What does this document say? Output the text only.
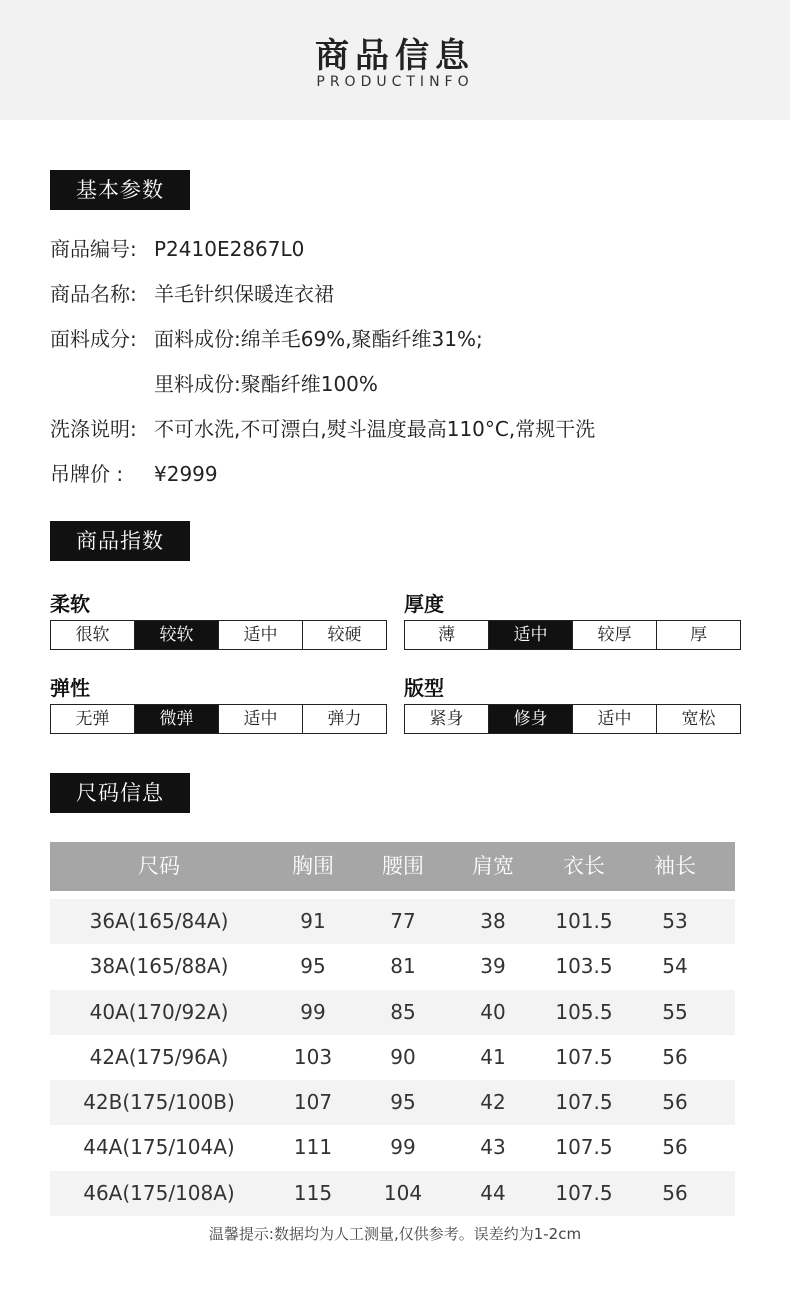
商品信息
PRODUCTINFO
基本参数
商品编号: P2410E2867L0
商品名称: 羊毛针织保暖连衣裙
面料成分: 面料成份:绵羊毛69%,聚酯纤维31%;
里料成份:聚酯纤维100%
洗涤说明: 不可水洗,不可漂白,熨斗温度最高110°C,常规干洗
吊牌价 : ¥2999
商品指数
柔软
很软	较软	适中	较硬
厚度
薄	适中	较厚	厚
弹性
无弹	微弹	适中	弹力
版型
紧身	修身	适中	宽松
尺码信息
尺码	胸围	腰围	肩宽	衣长	袖长
36A(165/84A)	91	77	38	101.5	53
38A(165/88A)	95	81	39	103.5	54
40A(170/92A)	99	85	40	105.5	55
42A(175/96A)	103	90	41	107.5	56
42B(175/100B)	107	95	42	107.5	56
44A(175/104A)	111	99	43	107.5	56
46A(175/108A)	115	104	44	107.5	56
温馨提示:数据均为人工测量,仅供参考。误差约为1-2cm
